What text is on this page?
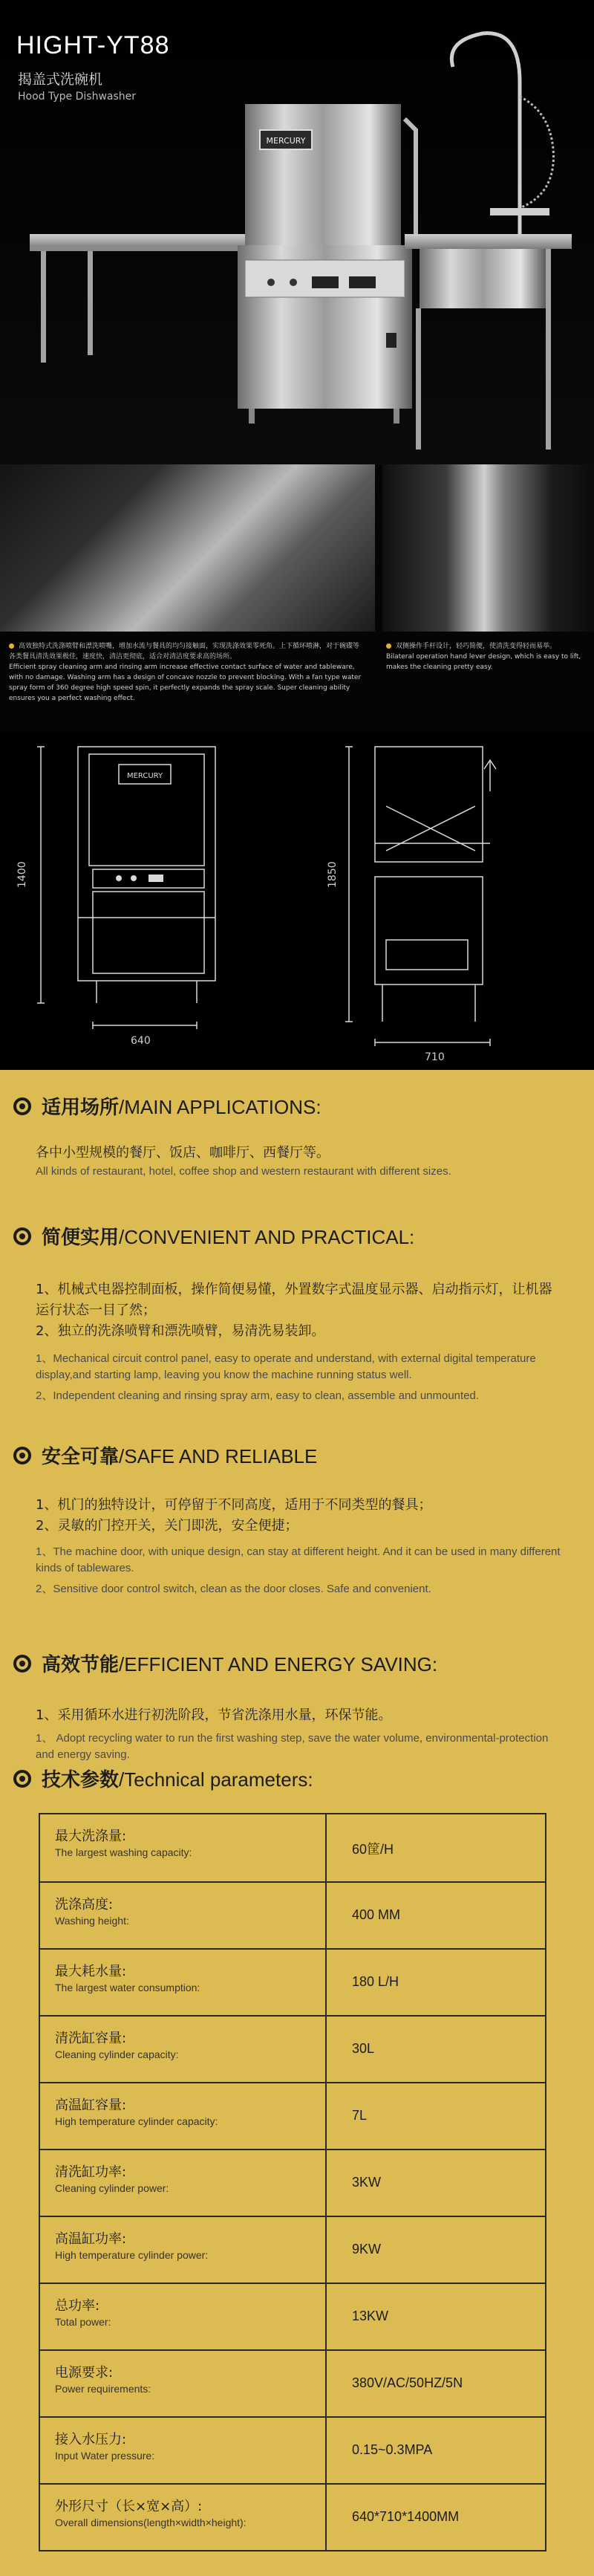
HIGHT-YT88
揭盖式洗碗机
Hood Type Dishwasher
MERCURY
高效独特式洗涤喷臂和漂洗喷嘴，增加水流与餐具的均匀接触面，实现洗涤效果零死角。上下循环喷淋，对于碗碟等各类餐具清洗效果极佳，速度快，清洁更彻底，适合对清洁度要求高的场所。
Efficient spray cleaning arm and rinsing arm increase effective contact surface of water and tableware, with no damage. Washing arm has a design of concave nozzle to prevent blocking. With a fan type water spray form of 360 degree high speed spin, it perfectly expands the spray scale. Super cleaning ability ensures you a perfect washing effect.
双侧操作手杆设计，轻巧简便，使清洗变得轻而易举。
Bilateral operation hand lever design, which is easy to lift, makes the cleaning pretty easy.
MERCURY
1400
640
1850
710
适用场所/MAIN APPLICATIONS:

各中小型规模的餐厅、饭店、咖啡厅、西餐厅等。

All kinds of restaurant, hotel, coffee shop and western restaurant with different sizes.

简便实用/CONVENIENT AND PRACTICAL:

1、机械式电器控制面板，操作简便易懂，外置数字式温度显示器、启动指示灯，让机器运行状态一目了然；

2、独立的洗涤喷臂和漂洗喷臂，易清洗易装卸。

1、Mechanical circuit control panel, easy to operate and understand, with external digital temperature display,and starting lamp, leaving you know the machine running status well.

2、Independent cleaning and rinsing spray arm, easy to clean, assemble and unmounted.

安全可靠/SAFE AND RELIABLE

1、机门的独特设计，可停留于不同高度，适用于不同类型的餐具；

2、灵敏的门控开关，关门即洗，安全便捷；

1、The machine door, with unique design, can stay at different height. And it can be used in many different kinds of tablewares.

2、Sensitive door control switch, clean as the door closes. Safe and convenient.

高效节能/EFFICIENT AND ENERGY SAVING:

1、采用循环水进行初洗阶段，节省洗涤用水量，环保节能。

1、 Adopt recycling water to run the first washing step, save the water volume, environmental-protection and energy saving.

技术参数/Technical parameters:
最大洗涤量:
The largest washing capacity:	60筐/H
洗涤高度:
Washing height:	400 MM
最大耗水量:
The largest water consumption:	180 L/H
清洗缸容量:
Cleaning cylinder capacity:	30L
高温缸容量:
High temperature cylinder capacity:	7L
清洗缸功率:
Cleaning cylinder power:	3KW
高温缸功率:
High temperature cylinder power:	9KW
总功率:
Total power:	13KW
电源要求:
Power requirements:	380V/AC/50HZ/5N
接入水压力:
Input Water pressure:	0.15~0.3MPA
外形尺寸（长×宽×高）:
Overall dimensions(length×width×height):	640*710*1400MM
